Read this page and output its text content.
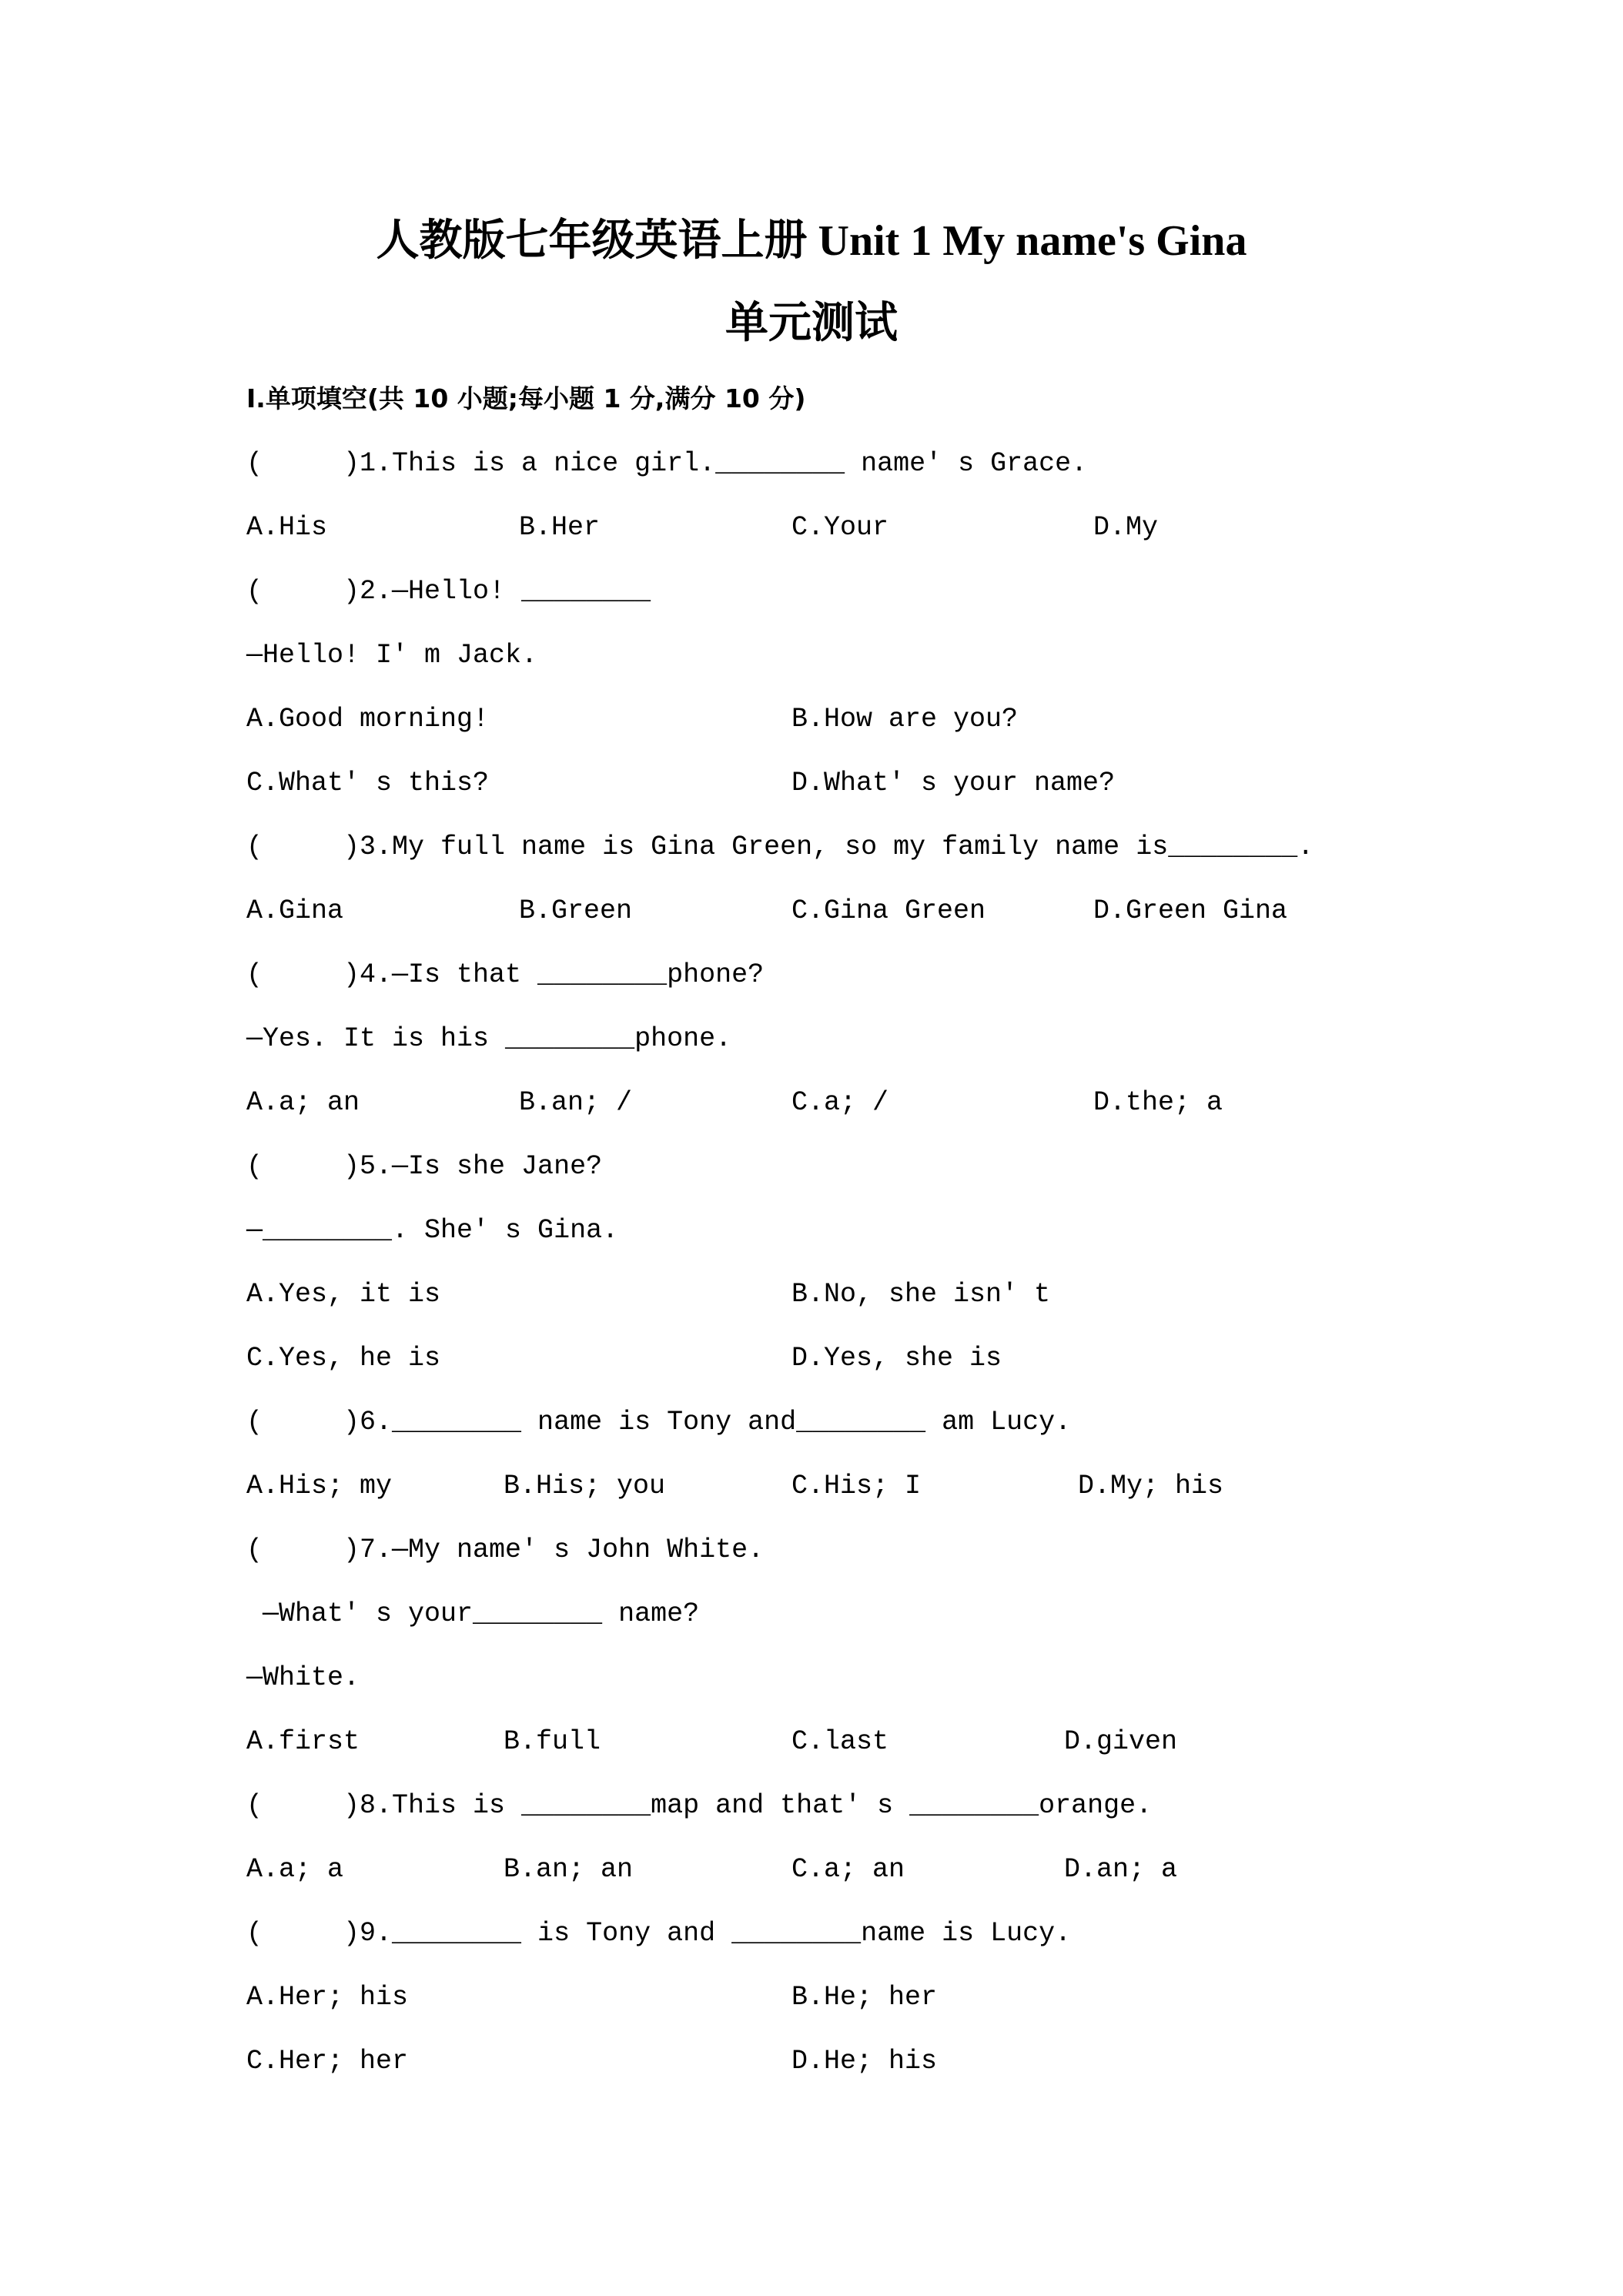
人教版七年级英语上册 Unit 1 My name's Gina
单元测试
Ⅰ.单项填空(共 10 小题;每小题 1 分,满分 10 分)
(     )1.This is a nice girl.________ name′ s Grace.
A.His	B.Her	C.Your	D.My
(     )2.—Hello! ________
—Hello! I′ m Jack.
A.Good morning!	B.How are you?
C.What′ s this?	D.What′ s your name?
(     )3.My full name is Gina Green, so my family name is________.
A.Gina	B.Green	C.Gina Green	D.Green Gina
(     )4.—Is that ________phone?
—Yes. It is his ________phone.
A.a; an	B.an; /	C.a; /	D.the; a
(     )5.—Is she Jane?
—________. She′ s Gina.
A.Yes, it is	B.No, she isn′ t
C.Yes, he is	D.Yes, she is
(     )6.________ name is Tony and________ am Lucy.
A.His; my	B.His; you	C.His; I	D.My; his
(     )7.—My name′ s John White.
—What′ s your________ name?
—White.
A.first	B.full	C.last	D.given
(     )8.This is ________map and that′ s ________orange.
A.a; a	B.an; an	C.a; an	D.an; a
(     )9.________ is Tony and ________name is Lucy.
A.Her; his	B.He; her
C.Her; her	D.He; his
